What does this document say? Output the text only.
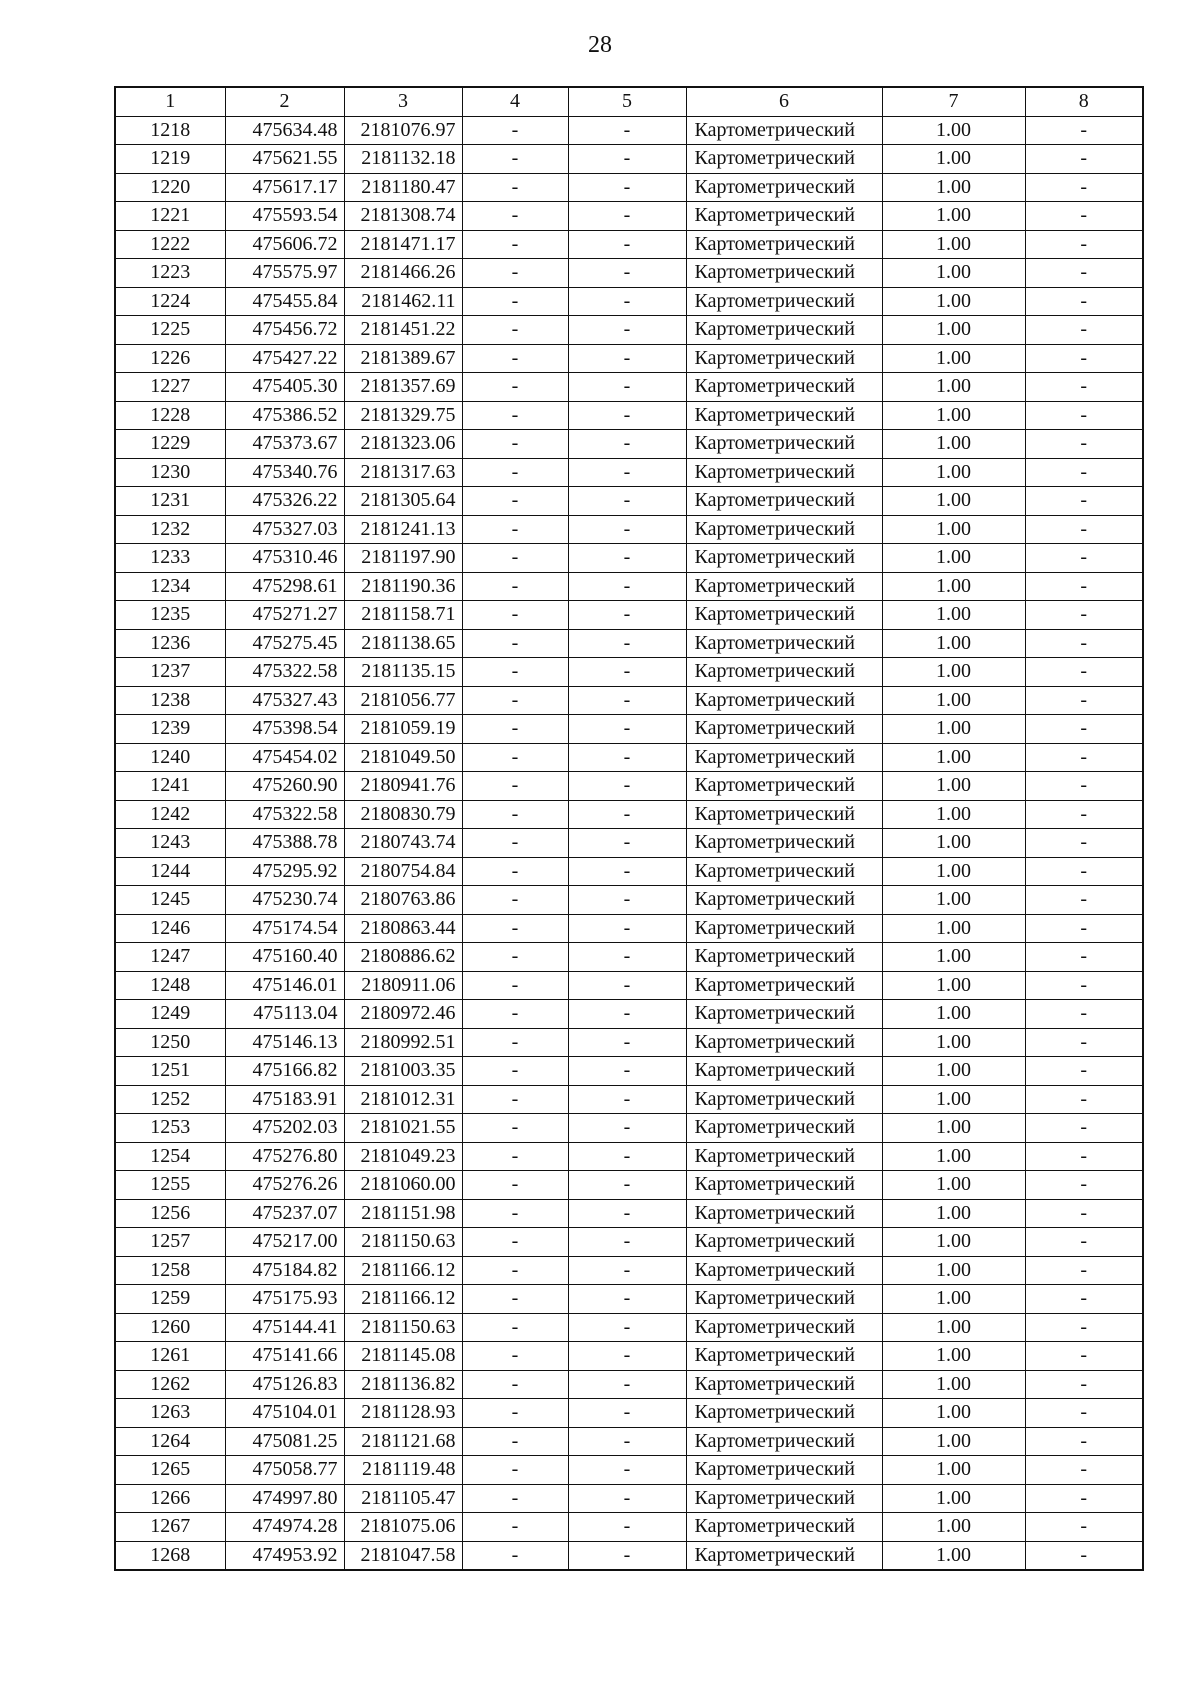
28
1	2	3	4	5	6	7	8
1218	475634.48	2181076.97	-	-	Картометрический	1.00	-
1219	475621.55	2181132.18	-	-	Картометрический	1.00	-
1220	475617.17	2181180.47	-	-	Картометрический	1.00	-
1221	475593.54	2181308.74	-	-	Картометрический	1.00	-
1222	475606.72	2181471.17	-	-	Картометрический	1.00	-
1223	475575.97	2181466.26	-	-	Картометрический	1.00	-
1224	475455.84	2181462.11	-	-	Картометрический	1.00	-
1225	475456.72	2181451.22	-	-	Картометрический	1.00	-
1226	475427.22	2181389.67	-	-	Картометрический	1.00	-
1227	475405.30	2181357.69	-	-	Картометрический	1.00	-
1228	475386.52	2181329.75	-	-	Картометрический	1.00	-
1229	475373.67	2181323.06	-	-	Картометрический	1.00	-
1230	475340.76	2181317.63	-	-	Картометрический	1.00	-
1231	475326.22	2181305.64	-	-	Картометрический	1.00	-
1232	475327.03	2181241.13	-	-	Картометрический	1.00	-
1233	475310.46	2181197.90	-	-	Картометрический	1.00	-
1234	475298.61	2181190.36	-	-	Картометрический	1.00	-
1235	475271.27	2181158.71	-	-	Картометрический	1.00	-
1236	475275.45	2181138.65	-	-	Картометрический	1.00	-
1237	475322.58	2181135.15	-	-	Картометрический	1.00	-
1238	475327.43	2181056.77	-	-	Картометрический	1.00	-
1239	475398.54	2181059.19	-	-	Картометрический	1.00	-
1240	475454.02	2181049.50	-	-	Картометрический	1.00	-
1241	475260.90	2180941.76	-	-	Картометрический	1.00	-
1242	475322.58	2180830.79	-	-	Картометрический	1.00	-
1243	475388.78	2180743.74	-	-	Картометрический	1.00	-
1244	475295.92	2180754.84	-	-	Картометрический	1.00	-
1245	475230.74	2180763.86	-	-	Картометрический	1.00	-
1246	475174.54	2180863.44	-	-	Картометрический	1.00	-
1247	475160.40	2180886.62	-	-	Картометрический	1.00	-
1248	475146.01	2180911.06	-	-	Картометрический	1.00	-
1249	475113.04	2180972.46	-	-	Картометрический	1.00	-
1250	475146.13	2180992.51	-	-	Картометрический	1.00	-
1251	475166.82	2181003.35	-	-	Картометрический	1.00	-
1252	475183.91	2181012.31	-	-	Картометрический	1.00	-
1253	475202.03	2181021.55	-	-	Картометрический	1.00	-
1254	475276.80	2181049.23	-	-	Картометрический	1.00	-
1255	475276.26	2181060.00	-	-	Картометрический	1.00	-
1256	475237.07	2181151.98	-	-	Картометрический	1.00	-
1257	475217.00	2181150.63	-	-	Картометрический	1.00	-
1258	475184.82	2181166.12	-	-	Картометрический	1.00	-
1259	475175.93	2181166.12	-	-	Картометрический	1.00	-
1260	475144.41	2181150.63	-	-	Картометрический	1.00	-
1261	475141.66	2181145.08	-	-	Картометрический	1.00	-
1262	475126.83	2181136.82	-	-	Картометрический	1.00	-
1263	475104.01	2181128.93	-	-	Картометрический	1.00	-
1264	475081.25	2181121.68	-	-	Картометрический	1.00	-
1265	475058.77	2181119.48	-	-	Картометрический	1.00	-
1266	474997.80	2181105.47	-	-	Картометрический	1.00	-
1267	474974.28	2181075.06	-	-	Картометрический	1.00	-
1268	474953.92	2181047.58	-	-	Картометрический	1.00	-
